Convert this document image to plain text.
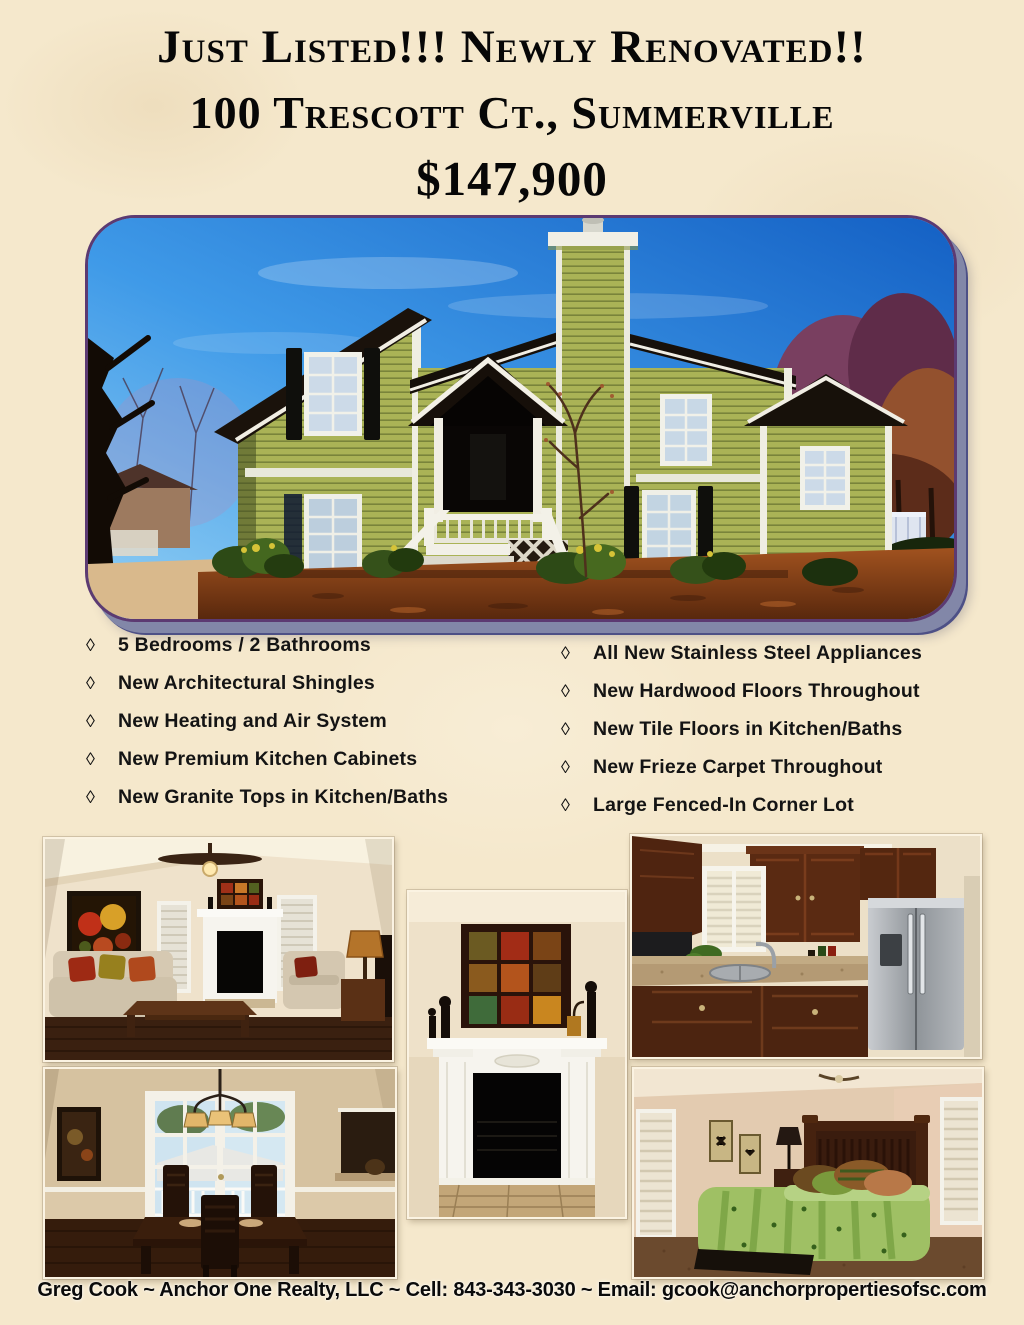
Just Listed!!! Newly Renovated!!
100 Trescott Ct., Summerville
$147,900
◊	5 Bedrooms / 2 Bathrooms
◊	New Architectural Shingles
◊	New Heating and Air System
◊	New Premium Kitchen Cabinets
◊	New Granite Tops in Kitchen/Baths
◊	All New Stainless Steel Appliances
◊	New Hardwood Floors Throughout
◊	New Tile Floors in Kitchen/Baths
◊	New Frieze Carpet Throughout
◊	Large Fenced-In Corner Lot
Greg Cook ~ Anchor One Realty, LLC ~ Cell: 843-343-3030 ~ Email: gcook@anchorpropertiesofsc.com
